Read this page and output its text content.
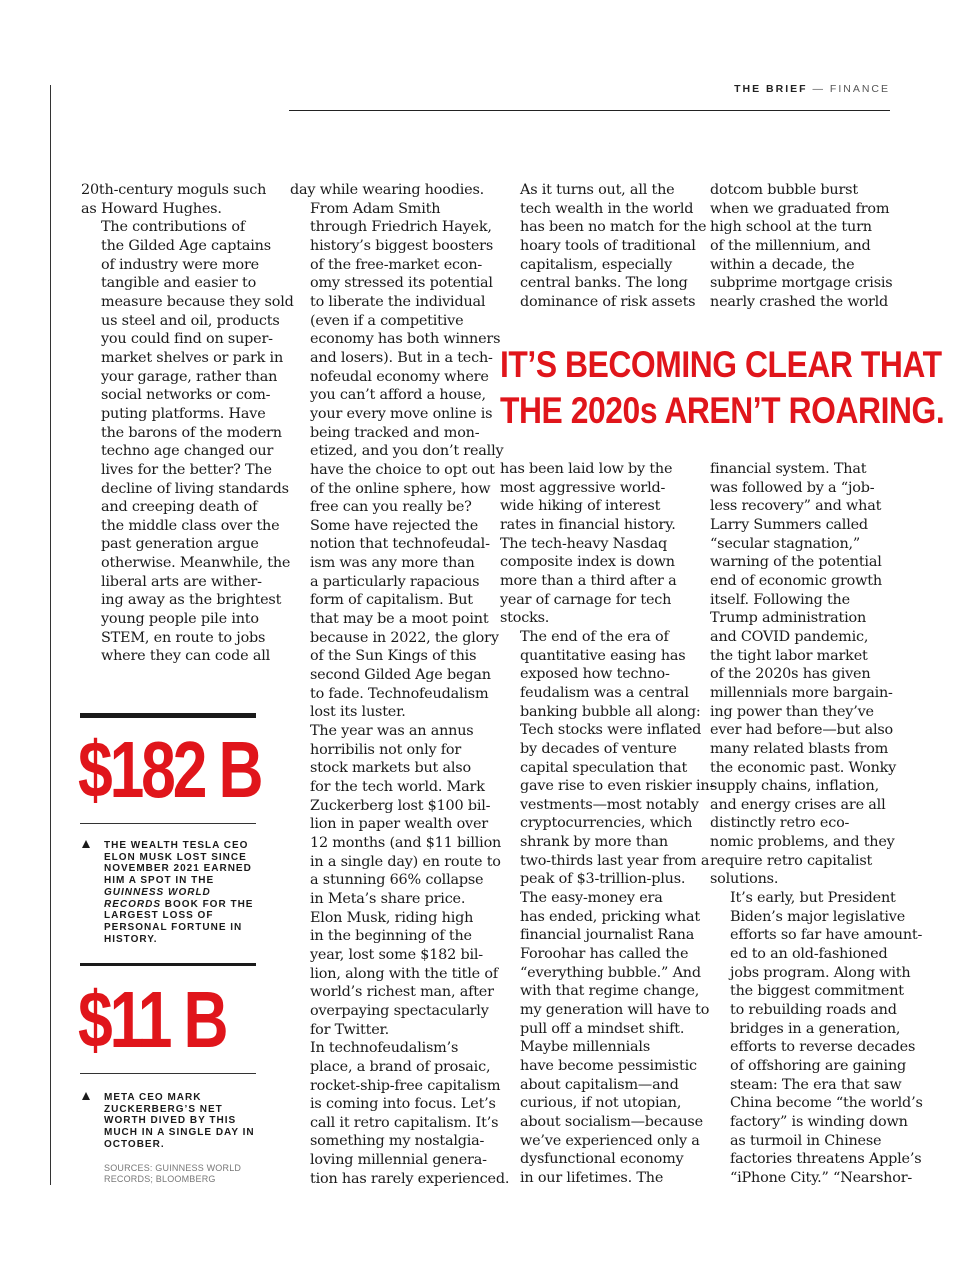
THE BRIEF — FINANCE

20th-century moguls such
as Howard Hughes.

The contributions of
the Gilded Age captains
of industry were more
tangible and easier to
measure because they sold
us steel and oil, products
you could find on super-
market shelves or park in
your garage, rather than
social networks or com-
puting platforms. Have
the barons of the modern
techno age changed our
lives for the better? The
decline of living standards
and creeping death of
the middle class over the
past generation argue
otherwise. Meanwhile, the
liberal arts are wither-
ing away as the brightest
young people pile into
STEM, en route to jobs
where they can code all

day while wearing hoodies.

From Adam Smith
through Friedrich Hayek,
history’s biggest boosters
of the free-market econ-
omy stressed its potential
to liberate the individual
(even if a competitive
economy has both winners
and losers). But in a tech-
nofeudal economy where
you can’t afford a house,
your every move online is
being tracked and mon-
etized, and you don’t really
have the choice to opt out
of the online sphere, how
free can you really be?

Some have rejected the
notion that technofeudal-
ism was any more than
a particularly rapacious
form of capitalism. But
that may be a moot point
because in 2022, the glory
of the Sun Kings of this
second Gilded Age began
to fade. Technofeudalism
lost its luster.

The year was an annus
horribilis not only for
stock markets but also
for the tech world. Mark
Zuckerberg lost $100 bil-
lion in paper wealth over
12 months (and $11 billion
in a single day) en route to
a stunning 66% collapse
in Meta’s share price.
Elon Musk, riding high
in the beginning of the
year, lost some $182 bil-
lion, along with the title of
world’s richest man, after
overpaying spectacularly
for Twitter.

In technofeudalism’s
place, a brand of prosaic,
rocket-ship-free capitalism
is coming into focus. Let’s
call it retro capitalism. It’s
something my nostalgia-
loving millennial genera-
tion has rarely experienced.

As it turns out, all the
tech wealth in the world
has been no match for the
hoary tools of traditional
capitalism, especially
central banks. The long
dominance of risk assets

has been laid low by the
most aggressive world-
wide hiking of interest
rates in financial history.
The tech-heavy Nasdaq
composite index is down
more than a third after a
year of carnage for tech
stocks.

The end of the era of
quantitative easing has
exposed how techno-
feudalism was a central
banking bubble all along:
Tech stocks were inflated
by decades of venture
capital speculation that
gave rise to even riskier in-
vestments—most notably
cryptocurrencies, which
shrank by more than
two-thirds last year from a
peak of $3-trillion-plus.

The easy-money era
has ended, pricking what
financial journalist Rana
Foroohar has called the
“everything bubble.” And
with that regime change,
my generation will have to
pull off a mindset shift.

Maybe millennials
have become pessimistic
about capitalism—and
curious, if not utopian,
about socialism—because
we’ve experienced only a
dysfunctional economy
in our lifetimes. The

dotcom bubble burst
when we graduated from
high school at the turn
of the millennium, and
within a decade, the
subprime mortgage crisis
nearly crashed the world

financial system. That
was followed by a “job-
less recovery” and what
Larry Summers called
“secular stagnation,”
warning of the potential
end of economic growth
itself. Following the
Trump administration
and COVID pandemic,
the tight labor market
of the 2020s has given
millennials more bargain-
ing power than they’ve
ever had before—but also
many related blasts from
the economic past. Wonky
supply chains, inflation,
and energy crises are all
distinctly retro eco-
nomic problems, and they
require retro capitalist
solutions.

It’s early, but President
Biden’s major legislative
efforts so far have amount-
ed to an old-fashioned
jobs program. Along with
the biggest commitment
to rebuilding roads and
bridges in a generation,
efforts to reverse decades
of offshoring are gaining
steam: The era that saw
China become “the world’s
factory” is winding down
as turmoil in Chinese
factories threatens Apple’s
“iPhone City.” “Nearshor-

IT’S BECOMING CLEAR THAT
THE 2020s AREN’T ROARING.
$182 B
THE WEALTH TESLA CEO ELON MUSK LOST SINCE NOVEMBER 2021 EARNED HIM A SPOT IN THE GUINNESS WORLD RECORDS BOOK FOR THE LARGEST LOSS OF PERSONAL FORTUNE IN HISTORY.
$11 B
META CEO MARK ZUCKERBERG’S NET WORTH DIVED BY THIS MUCH IN A SINGLE DAY IN OCTOBER.
SOURCES: GUINNESS WORLD RECORDS; BLOOMBERG
